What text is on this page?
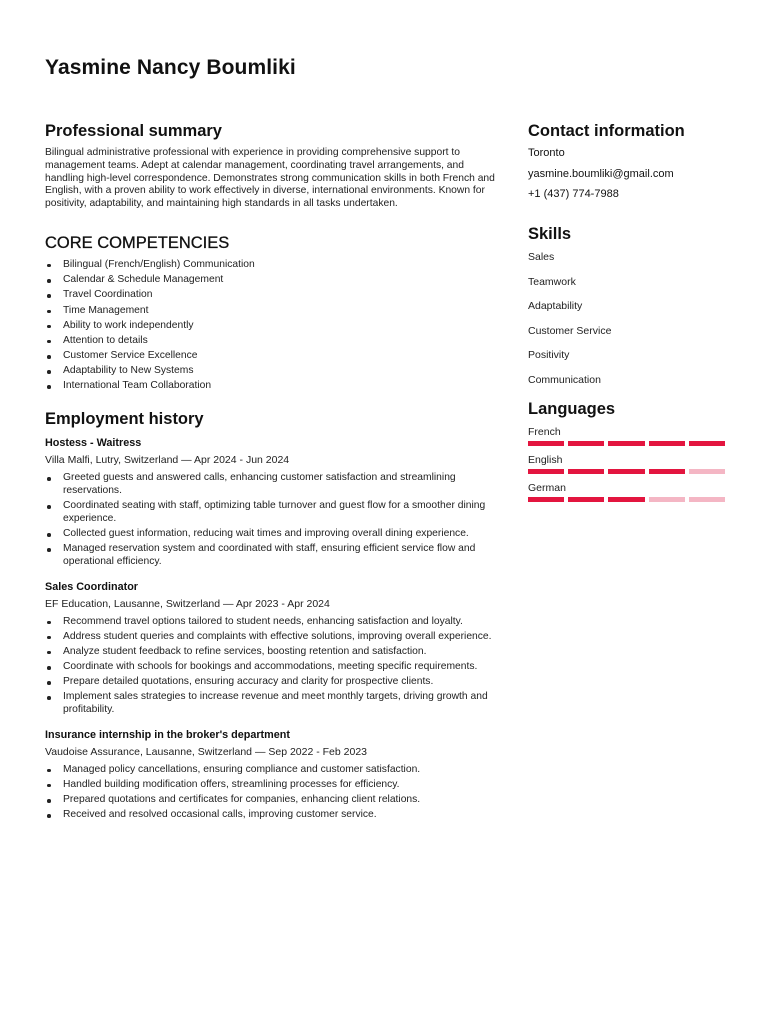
Yasmine Nancy Boumliki
Professional summary

Bilingual administrative professional with experience in providing comprehensive support to management teams. Adept at calendar management, coordinating travel arrangements, and handling high-level correspondence. Demonstrates strong communication skills in both French and English, with a proven ability to work effectively in diverse, international environments. Known for positivity, adaptability, and maintaining high standards in all tasks undertaken.

CORE COMPETENCIES
Bilingual (French/English) Communication
Calendar & Schedule Management
Travel Coordination
Time Management
Ability to work independently
Attention to details
Customer Service Excellence
Adaptability to New Systems
International Team Collaboration
Employment history

Hostess - Waitress

Villa Malfi, Lutry, Switzerland — Apr 2024 - Jun 2024

Greeted guests and answered calls, enhancing customer satisfaction and streamlining reservations.
Coordinated seating with staff, optimizing table turnover and guest flow for a smoother dining experience.
Collected guest information, reducing wait times and improving overall dining experience.
Managed reservation system and coordinated with staff, ensuring efficient service flow and operational efficiency.

Sales Coordinator

EF Education, Lausanne, Switzerland — Apr 2023 - Apr 2024

Recommend travel options tailored to student needs, enhancing satisfaction and loyalty.
Address student queries and complaints with effective solutions, improving overall experience.
Analyze student feedback to refine services, boosting retention and satisfaction.
Coordinate with schools for bookings and accommodations, meeting specific requirements.
Prepare detailed quotations, ensuring accuracy and clarity for prospective clients.
Implement sales strategies to increase revenue and meet monthly targets, driving growth and profitability.

Insurance internship in the broker's department

Vaudoise Assurance, Lausanne, Switzerland — Sep 2022 - Feb 2023

Managed policy cancellations, ensuring compliance and customer satisfaction.
Handled building modification offers, streamlining processes for efficiency.
Prepared quotations and certificates for companies, enhancing client relations.
Received and resolved occasional calls, improving customer service.
Contact information

Toronto

yasmine.boumliki@gmail.com

+1 (437) 774-7988

Skills
Sales
Teamwork
Adaptability
Customer Service
Positivity
Communication
Languages

French

English

German
